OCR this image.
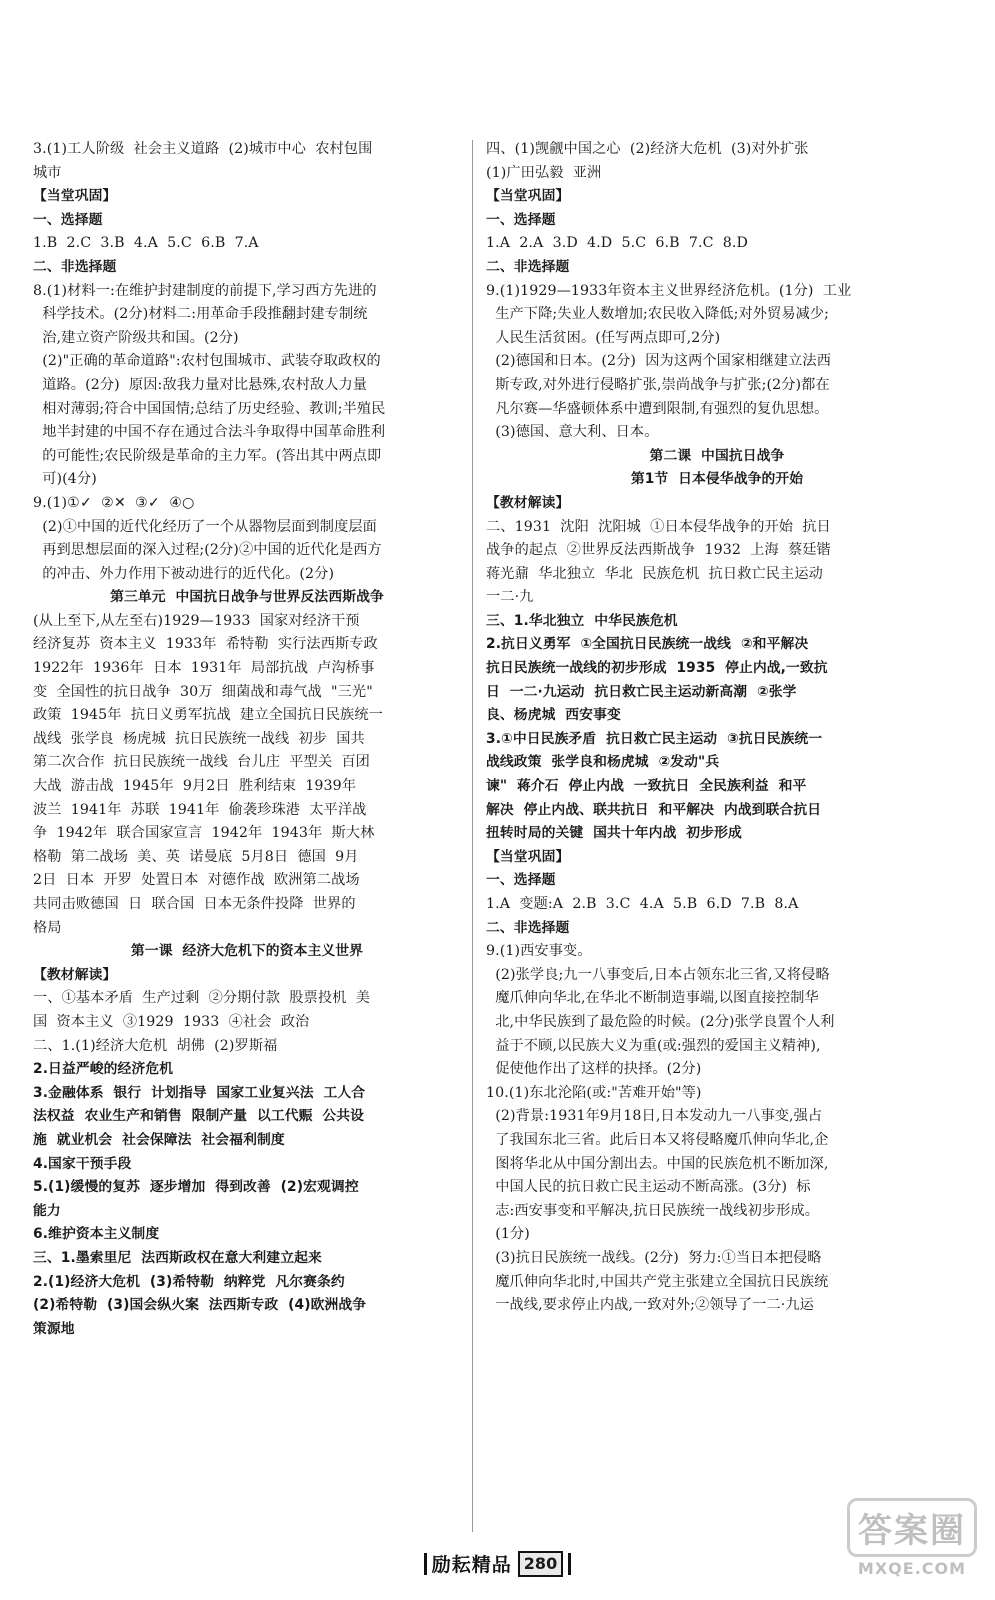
3.(1)工人阶级  社会主义道路  (2)城市中心  农村包围
城市
【当堂巩固】
一、选择题
1.B  2.C  3.B  4.A  5.C  6.B  7.A
二、非选择题
8.(1)材料一:在维护封建制度的前提下,学习西方先进的
科学技术。(2分)材料二:用革命手段推翻封建专制统
治,建立资产阶级共和国。(2分)
(2)"正确的革命道路":农村包围城市、武装夺取政权的
道路。(2分)  原因:敌我力量对比悬殊,农村敌人力量
相对薄弱;符合中国国情;总结了历史经验、教训;半殖民
地半封建的中国不存在通过合法斗争取得中国革命胜利
的可能性;农民阶级是革命的主力军。(答出其中两点即
可)(4分)
9.(1)①✓  ②✕  ③✓  ④○
(2)①中国的近代化经历了一个从器物层面到制度层面
再到思想层面的深入过程;(2分)②中国的近代化是西方
的冲击、外力作用下被动进行的近代化。(2分)
第三单元  中国抗日战争与世界反法西斯战争
(从上至下,从左至右)1929—1933  国家对经济干预
经济复苏  资本主义  1933年  希特勒  实行法西斯专政
1922年  1936年  日本  1931年  局部抗战  卢沟桥事
变  全国性的抗日战争  30万  细菌战和毒气战  "三光"
政策  1945年  抗日义勇军抗战  建立全国抗日民族统一
战线  张学良  杨虎城  抗日民族统一战线  初步  国共
第二次合作  抗日民族统一战线  台儿庄  平型关  百团
大战  游击战  1945年  9月2日  胜利结束  1939年
波兰  1941年  苏联  1941年  偷袭珍珠港  太平洋战
争  1942年  联合国家宣言  1942年  1943年  斯大林
格勒  第二战场  美、英  诺曼底  5月8日  德国  9月
2日  日本  开罗  处置日本  对德作战  欧洲第二战场
共同击败德国  日  联合国  日本无条件投降  世界的
格局
第一课  经济大危机下的资本主义世界
【教材解读】
一、①基本矛盾  生产过剩  ②分期付款  股票投机  美
国  资本主义  ③1929  1933  ④社会  政治
二、1.(1)经济大危机  胡佛  (2)罗斯福
2.日益严峻的经济危机
3.金融体系  银行  计划指导  国家工业复兴法  工人合
法权益  农业生产和销售  限制产量  以工代赈  公共设
施  就业机会  社会保障法  社会福利制度
4.国家干预手段
5.(1)缓慢的复苏  逐步增加  得到改善  (2)宏观调控
能力
6.维护资本主义制度
三、1.墨索里尼  法西斯政权在意大利建立起来
2.(1)经济大危机  (3)希特勒  纳粹党  凡尔赛条约
(2)希特勒  (3)国会纵火案  法西斯专政  (4)欧洲战争
策源地
四、(1)觊觎中国之心  (2)经济大危机  (3)对外扩张
(1)广田弘毅  亚洲
【当堂巩固】
一、选择题
1.A  2.A  3.D  4.D  5.C  6.B  7.C  8.D
二、非选择题
9.(1)1929—1933年资本主义世界经济危机。(1分)  工业
生产下降;失业人数增加;农民收入降低;对外贸易减少;
人民生活贫困。(任写两点即可,2分)
(2)德国和日本。(2分)  因为这两个国家相继建立法西
斯专政,对外进行侵略扩张,崇尚战争与扩张;(2分)都在
凡尔赛—华盛顿体系中遭到限制,有强烈的复仇思想。
(3)德国、意大利、日本。
第二课  中国抗日战争
第1节  日本侵华战争的开始
【教材解读】
二、1931  沈阳  沈阳城  ①日本侵华战争的开始  抗日
战争的起点  ②世界反法西斯战争  1932  上海  蔡廷锴
蒋光鼐  华北独立  华北  民族危机  抗日救亡民主运动
一二·九
三、1.华北独立  中华民族危机
2.抗日义勇军  ①全国抗日民族统一战线  ②和平解决
抗日民族统一战线的初步形成  1935  停止内战,一致抗
日  一二·九运动  抗日救亡民主运动新高潮  ②张学
良、杨虎城  西安事变
3.①中日民族矛盾  抗日救亡民主运动  ③抗日民族统一
战线政策  张学良和杨虎城  ②发动"兵
谏"  蒋介石  停止内战  一致抗日  全民族利益  和平
解决  停止内战、联共抗日  和平解决  内战到联合抗日
扭转时局的关键  国共十年内战  初步形成
【当堂巩固】
一、选择题
1.A  变题:A  2.B  3.C  4.A  5.B  6.D  7.B  8.A
二、非选择题
9.(1)西安事变。
(2)张学良;九一八事变后,日本占领东北三省,又将侵略
魔爪伸向华北,在华北不断制造事端,以图直接控制华
北,中华民族到了最危险的时候。(2分)张学良置个人利
益于不顾,以民族大义为重(或:强烈的爱国主义精神),
促使他作出了这样的抉择。(2分)
10.(1)东北沦陷(或:"苦难开始"等)
(2)背景:1931年9月18日,日本发动九一八事变,强占
了我国东北三省。此后日本又将侵略魔爪伸向华北,企
图将华北从中国分割出去。中国的民族危机不断加深,
中国人民的抗日救亡民主运动不断高涨。(3分)  标
志:西安事变和平解决,抗日民族统一战线初步形成。
(1分)
(3)抗日民族统一战线。(2分)  努力:①当日本把侵略
魔爪伸向华北时,中国共产党主张建立全国抗日民族统
一战线,要求停止内战,一致对外;②领导了一二·九运
励耘精品 280
答案圈
MXQE.COM
